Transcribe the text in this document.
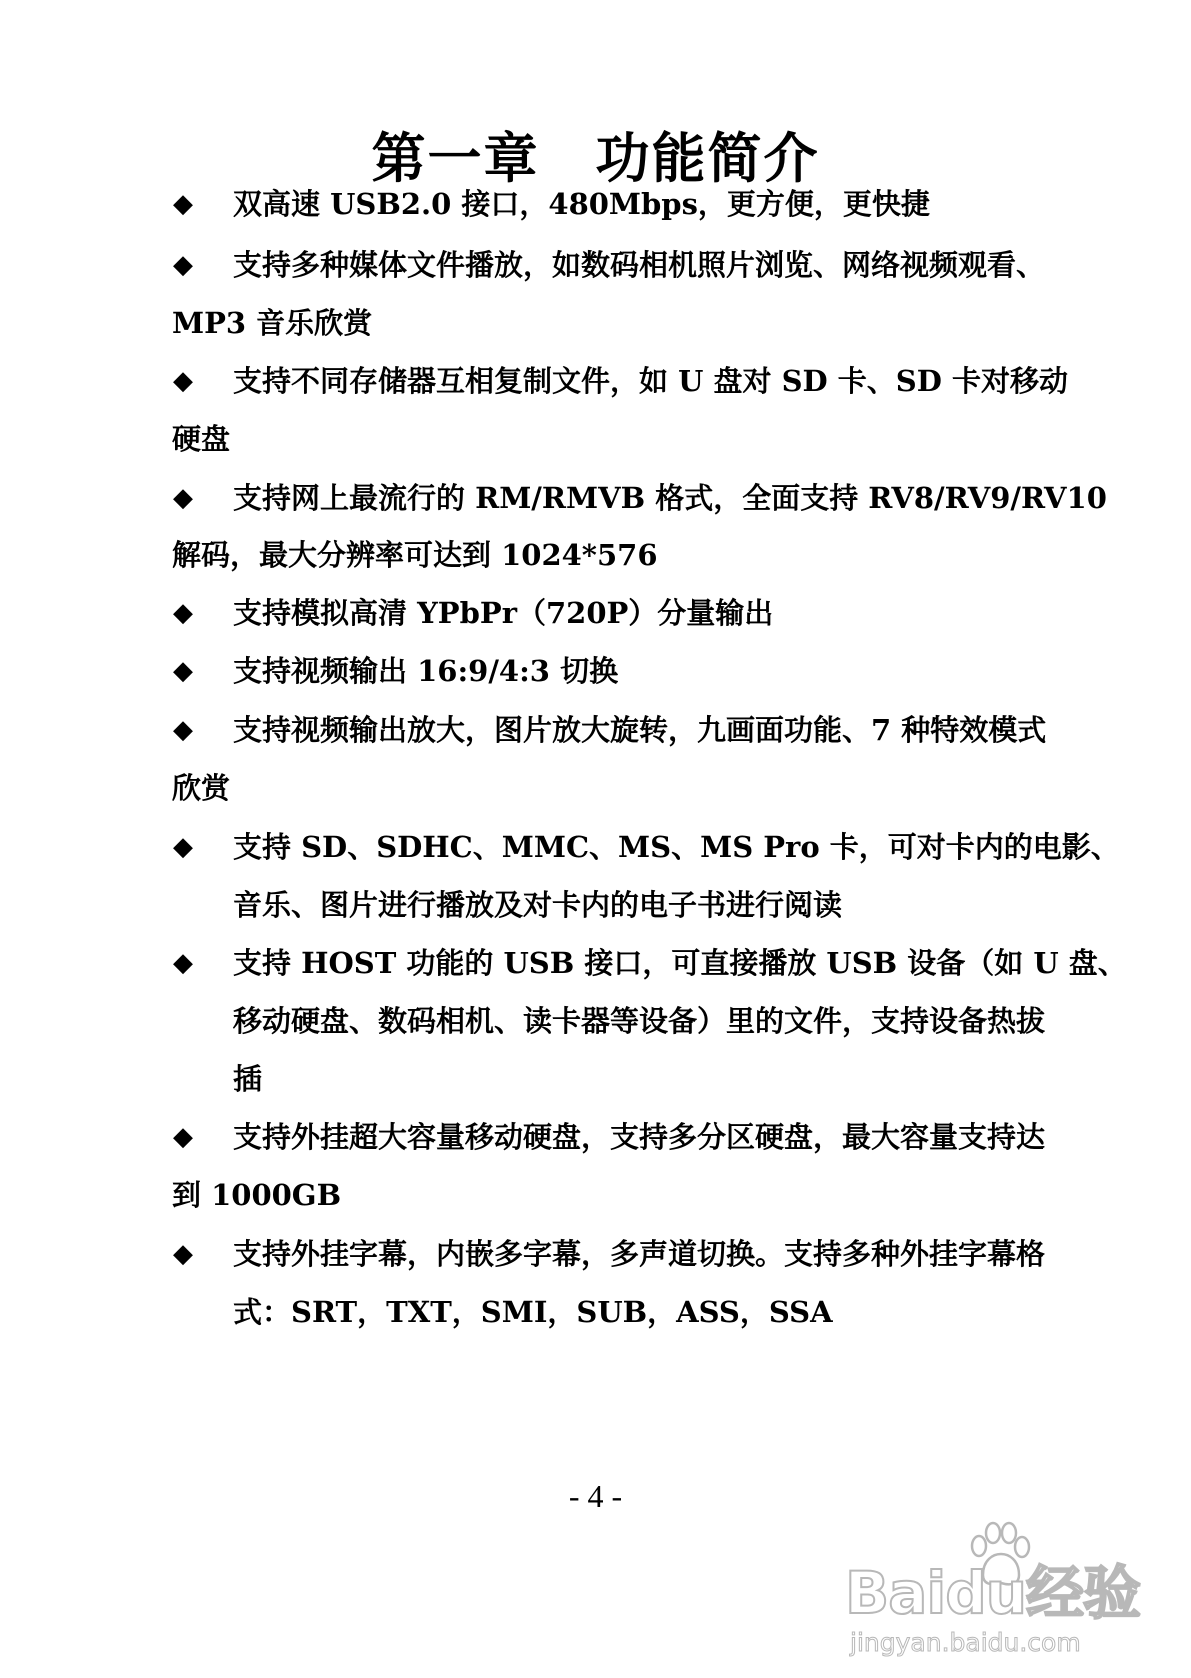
第一章　功能简介
◆ 双高速 USB2.0 接口，480Mbps，更方便，更快捷
◆ 支持多种媒体文件播放，如数码相机照片浏览、网络视频观看、
MP3 音乐欣赏
◆ 支持不同存储器互相复制文件，如 U 盘对 SD 卡、SD 卡对移动
硬盘
◆ 支持网上最流行的 RM/RMVB 格式，全面支持 RV8/RV9/RV10
解码，最大分辨率可达到 1024*576
◆ 支持模拟高清 YPbPr（720P）分量输出
◆ 支持视频输出 16:9/4:3 切换
◆ 支持视频输出放大，图片放大旋转，九画面功能、7 种特效模式
欣赏
◆ 支持 SD、SDHC、MMC、MS、MS Pro 卡，可对卡内的电影、
音乐、图片进行播放及对卡内的电子书进行阅读
◆ 支持 HOST 功能的 USB 接口，可直接播放 USB 设备（如 U 盘、
移动硬盘、数码相机、读卡器等设备）里的文件，支持设备热拔
插
◆ 支持外挂超大容量移动硬盘，支持多分区硬盘，最大容量支持达
到 1000GB
◆ 支持外挂字幕，内嵌多字幕，多声道切换。支持多种外挂字幕格
式：SRT，TXT，SMI，SUB，ASS，SSA
- 4 -
Baidu经验
jingyan.baidu.com
